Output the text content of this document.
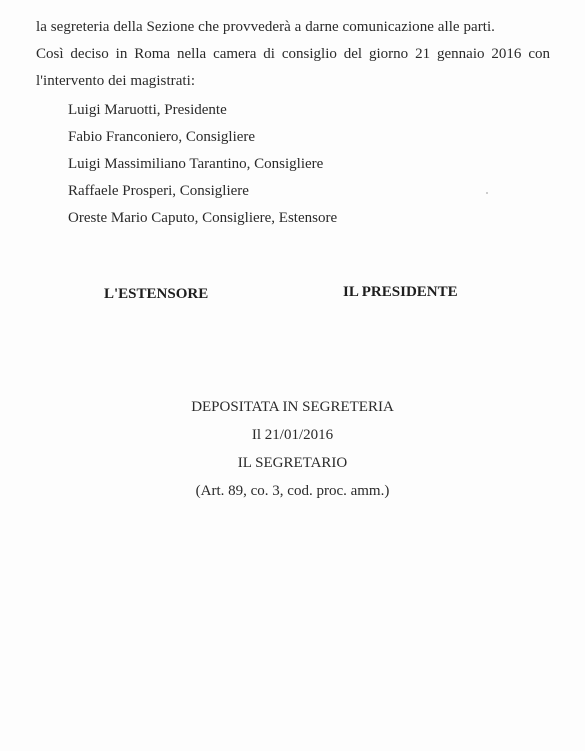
la segreteria della Sezione che provvederà a darne comunicazione alle parti.
Così deciso in Roma nella camera di consiglio del giorno 21 gennaio 2016 con
l'intervento dei magistrati:
Luigi Maruotti, Presidente
Fabio Franconiero, Consigliere
Luigi Massimiliano Tarantino, Consigliere
Raffaele Prosperi, Consigliere
Oreste Mario Caputo, Consigliere, Estensore
L'ESTENSORE	IL PRESIDENTE
DEPOSITATA IN SEGRETERIA
Il 21/01/2016
IL SEGRETARIO
(Art. 89, co. 3, cod. proc. amm.)
